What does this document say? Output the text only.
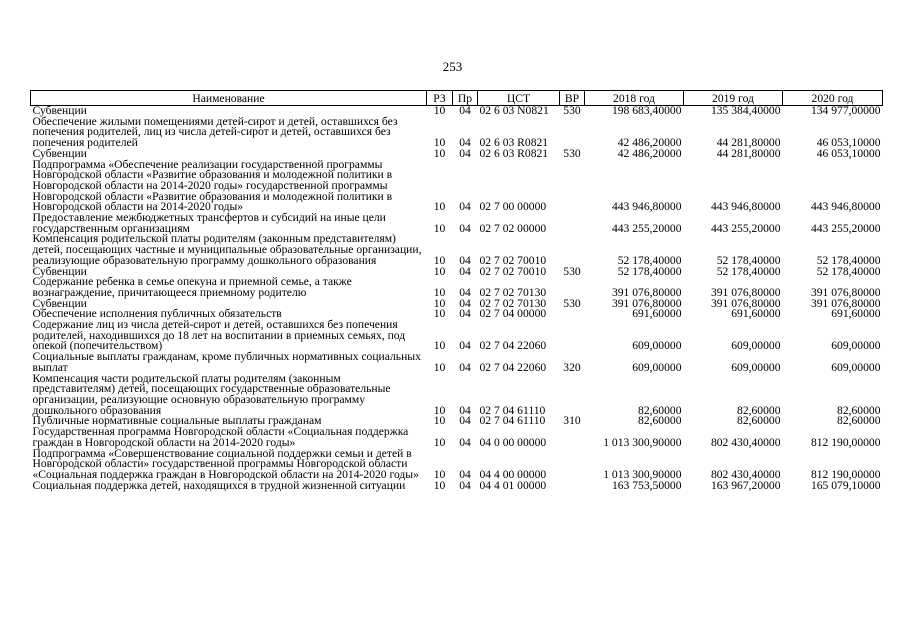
253
Наименование	РЗ	Пр	ЦСТ	ВР	2018 год	2019 год	2020 год
Субвенции	10	04	02 6 03 N0821	530	198 683,40000	135 384,40000	134 977,00000
Обеспечение жилыми помещениями детей-сирот и детей, оставшихся без попечения родителей, лиц из числа детей-сирот и детей, оставшихся без попечения родителей	10	04	02 6 03 R0821		42 486,20000	44 281,80000	46 053,10000
Субвенции	10	04	02 6 03 R0821	530	42 486,20000	44 281,80000	46 053,10000
Подпрограмма «Обеспечение реализации государственной программы Новгородской области «Развитие образования и молодежной политики в Новгородской области на 2014-2020 годы» государственной программы Новгородской области «Развитие образования и молодежной политики в Новгородской области на 2014-2020 годы»	10	04	02 7 00 00000		443 946,80000	443 946,80000	443 946,80000
Предоставление межбюджетных трансфертов и субсидий на иные цели государственным организациям	10	04	02 7 02 00000		443 255,20000	443 255,20000	443 255,20000
Компенсация родительской платы родителям (законным представителям) детей, посещающих частные и муниципальные образовательные организации, реализующие образовательную программу дошкольного образования	10	04	02 7 02 70010		52 178,40000	52 178,40000	52 178,40000
Субвенции	10	04	02 7 02 70010	530	52 178,40000	52 178,40000	52 178,40000
Содержание ребенка в семье опекуна и приемной семье, а также вознаграждение, причитающееся приемному родителю	10	04	02 7 02 70130		391 076,80000	391 076,80000	391 076,80000
Субвенции	10	04	02 7 02 70130	530	391 076,80000	391 076,80000	391 076,80000
Обеспечение исполнения публичных обязательств	10	04	02 7 04 00000		691,60000	691,60000	691,60000
Содержание лиц из числа детей-сирот и детей, оставшихся без попечения родителей, находившихся до 18 лет на воспитании в приемных семьях, под опекой (попечительством)	10	04	02 7 04 22060		609,00000	609,00000	609,00000
Социальные выплаты гражданам, кроме публичных нормативных социальных выплат	10	04	02 7 04 22060	320	609,00000	609,00000	609,00000
Компенсация части родительской платы родителям (законным представителям) детей, посещающих государственные образовательные организации, реализующие основную образовательную программу дошкольного образования	10	04	02 7 04 61110		82,60000	82,60000	82,60000
Публичные нормативные социальные выплаты гражданам	10	04	02 7 04 61110	310	82,60000	82,60000	82,60000
Государственная программа Новгородской области «Социальная поддержка граждан в Новгородской области на 2014-2020 годы»	10	04	04 0 00 00000		1 013 300,90000	802 430,40000	812 190,00000
Подпрограмма «Совершенствование социальной поддержки семьи и детей в Новгородской области» государственной программы Новгородской области «Социальная поддержка граждан в Новгородской области на 2014-2020 годы»	10	04	04 4 00 00000		1 013 300,90000	802 430,40000	812 190,00000
Социальная поддержка детей, находящихся в трудной жизненной ситуации	10	04	04 4 01 00000		163 753,50000	163 967,20000	165 079,10000
